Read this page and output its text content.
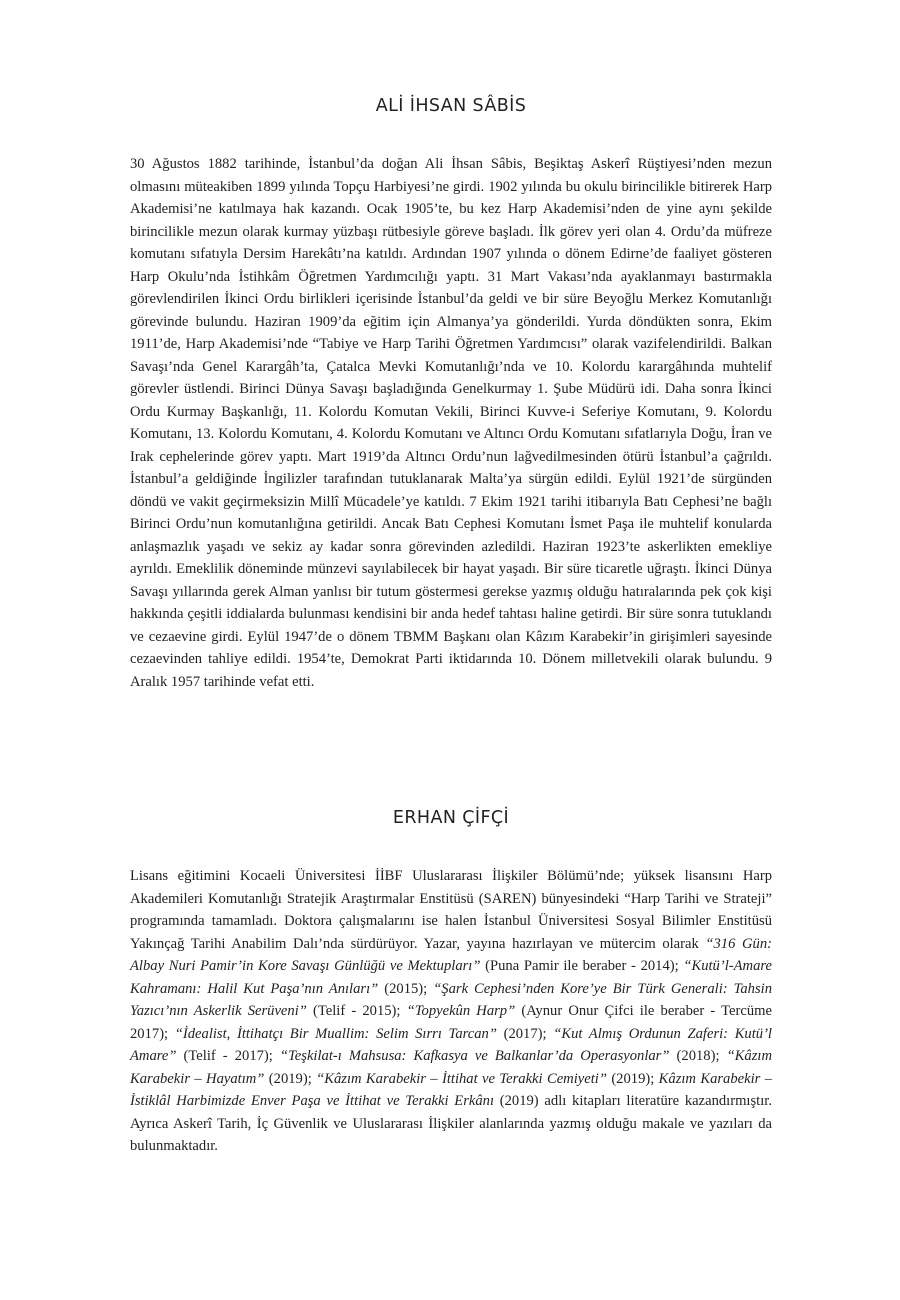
ALİ İHSAN SÂBİS

30 Ağustos 1882 tarihinde, İstanbul’da doğan Ali İhsan Sâbis, Beşiktaş Askerî Rüştiyesi’nden mezun olmasını müteakiben 1899 yılında Topçu Harbiyesi’ne girdi. 1902 yılında bu okulu birincilikle bitirerek Harp Akademisi’ne katılmaya hak kazandı. Ocak 1905’te, bu kez Harp Akademisi’nden de yine aynı şekilde birincilikle mezun olarak kurmay yüzbaşı rütbesiyle göreve başladı. İlk görev yeri olan 4. Ordu’da müfreze komutanı sıfatıyla Dersim Harekâtı’na katıldı. Ardından 1907 yılında o dönem Edirne’de faaliyet gösteren Harp Okulu’nda İstihkâm Öğretmen Yardımcılığı yaptı. 31 Mart Vakası’nda ayaklanmayı bastırmakla görevlendirilen İkinci Ordu birlikleri içerisinde İstanbul’da geldi ve bir süre Beyoğlu Merkez Komutanlığı görevinde bulundu. Haziran 1909’da eğitim için Almanya’ya gönderildi. Yurda döndükten sonra, Ekim 1911’de, Harp Akademisi’nde “Tabiye ve Harp Tarihi Öğretmen Yardımcısı” olarak vazifelendirildi. Balkan Savaşı’nda Genel Karargâh’ta, Çatalca Mevki Komutanlığı’nda ve 10. Kolordu karargâhında muhtelif görevler üstlendi. Birinci Dünya Savaşı başladığında Genelkurmay 1. Şube Müdürü idi. Daha sonra İkinci Ordu Kurmay Başkanlığı, 11. Kolordu Komutan Vekili, Birinci Kuvve-i Seferiye Komutanı, 9. Kolordu Komutanı, 13. Kolordu Komutanı, 4. Kolordu Komutanı ve Altıncı Ordu Komutanı sıfatlarıyla Doğu, İran ve Irak cephelerinde görev yaptı. Mart 1919’da Altıncı Ordu’nun lağvedilmesinden ötürü İstanbul’a çağrıldı. İstanbul’a geldiğinde İngilizler tarafından tutuklanarak Malta’ya sürgün edildi. Eylül 1921’de sürgünden döndü ve vakit geçirmeksizin Millî Mücadele’ye katıldı. 7 Ekim 1921 tarihi itibarıyla Batı Cephesi’ne bağlı Birinci Ordu’nun komutanlığına getirildi. Ancak Batı Cephesi Komutanı İsmet Paşa ile muhtelif konularda anlaşmazlık yaşadı ve sekiz ay kadar sonra görevinden azledildi. Haziran 1923’te askerlikten emekliye ayrıldı. Emeklilik döneminde münzevi sayılabilecek bir hayat yaşadı. Bir süre ticaretle uğraştı. İkinci Dünya Savaşı yıllarında gerek Alman yanlısı bir tutum göstermesi gerekse yazmış olduğu hatıralarında pek çok kişi hakkında çeşitli iddialarda bulunması kendisini bir anda hedef tahtası haline getirdi. Bir süre sonra tutuklandı ve cezaevine girdi. Eylül 1947’de o dönem TBMM Başkanı olan Kâzım Karabekir’in girişimleri sayesinde cezaevinden tahliye edildi. 1954’te, Demokrat Parti iktidarında 10. Dönem milletvekili olarak bulundu. 9 Aralık 1957 tarihinde vefat etti.

ERHAN ÇİFÇİ

Lisans eğitimini Kocaeli Üniversitesi İİBF Uluslararası İlişkiler Bölümü’nde; yüksek lisansını Harp Akademileri Komutanlığı Stratejik Araştırmalar Enstitüsü (SAREN) bünyesindeki “Harp Tarihi ve Strateji” programında tamamladı. Doktora çalışmalarını ise halen İstanbul Üniversitesi Sosyal Bilimler Enstitüsü Yakınçağ Tarihi Anabilim Dalı’nda sürdürüyor. Yazar, yayına hazırlayan ve mütercim olarak “316 Gün: Albay Nuri Pamir’in Kore Savaşı Günlüğü ve Mektupları” (Puna Pamir ile beraber - 2014); “Kutü’l-Amare Kahramanı: Halil Kut Paşa’nın Anıları” (2015); “Şark Cephesi’nden Kore’ye Bir Türk Generali: Tahsin Yazıcı’nın Askerlik Serüveni” (Telif - 2015); “Topyekûn Harp” (Aynur Onur Çifci ile beraber - Tercüme 2017); “İdealist, İttihatçı Bir Muallim: Selim Sırrı Tarcan” (2017); “Kut Almış Ordunun Zaferi: Kutü’l Amare” (Telif - 2017); “Teşkilat-ı Mahsusa: Kafkasya ve Balkanlar’da Operasyonlar” (2018); “Kâzım Karabekir – Hayatım” (2019); “Kâzım Karabekir – İttihat ve Terakki Cemiyeti” (2019); Kâzım Karabekir – İstiklâl Harbimizde Enver Paşa ve İttihat ve Terakki Erkânı (2019) adlı kitapları literatüre kazandırmıştır. Ayrıca Askerî Tarih, İç Güvenlik ve Uluslararası İlişkiler alanlarında yazmış olduğu makale ve yazıları da bulunmaktadır.
